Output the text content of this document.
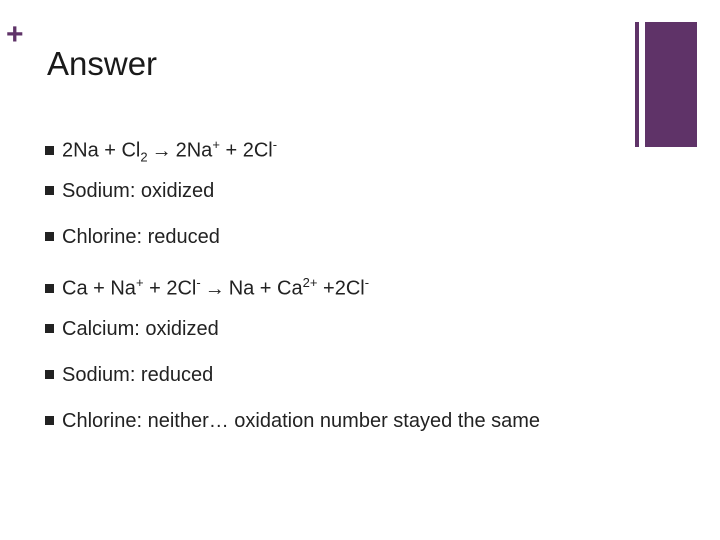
+
Answer
$2Na + Cl_2 \to 2Na^+ + 2Cl^-$
Sodium: oxidized
Chlorine: reduced
$Ca + Na^+ + 2Cl^- \to Na + Ca^{2+} +2Cl^-$
Calcium: oxidized
Sodium: reduced
Chlorine: neither… oxidation number stayed the same
